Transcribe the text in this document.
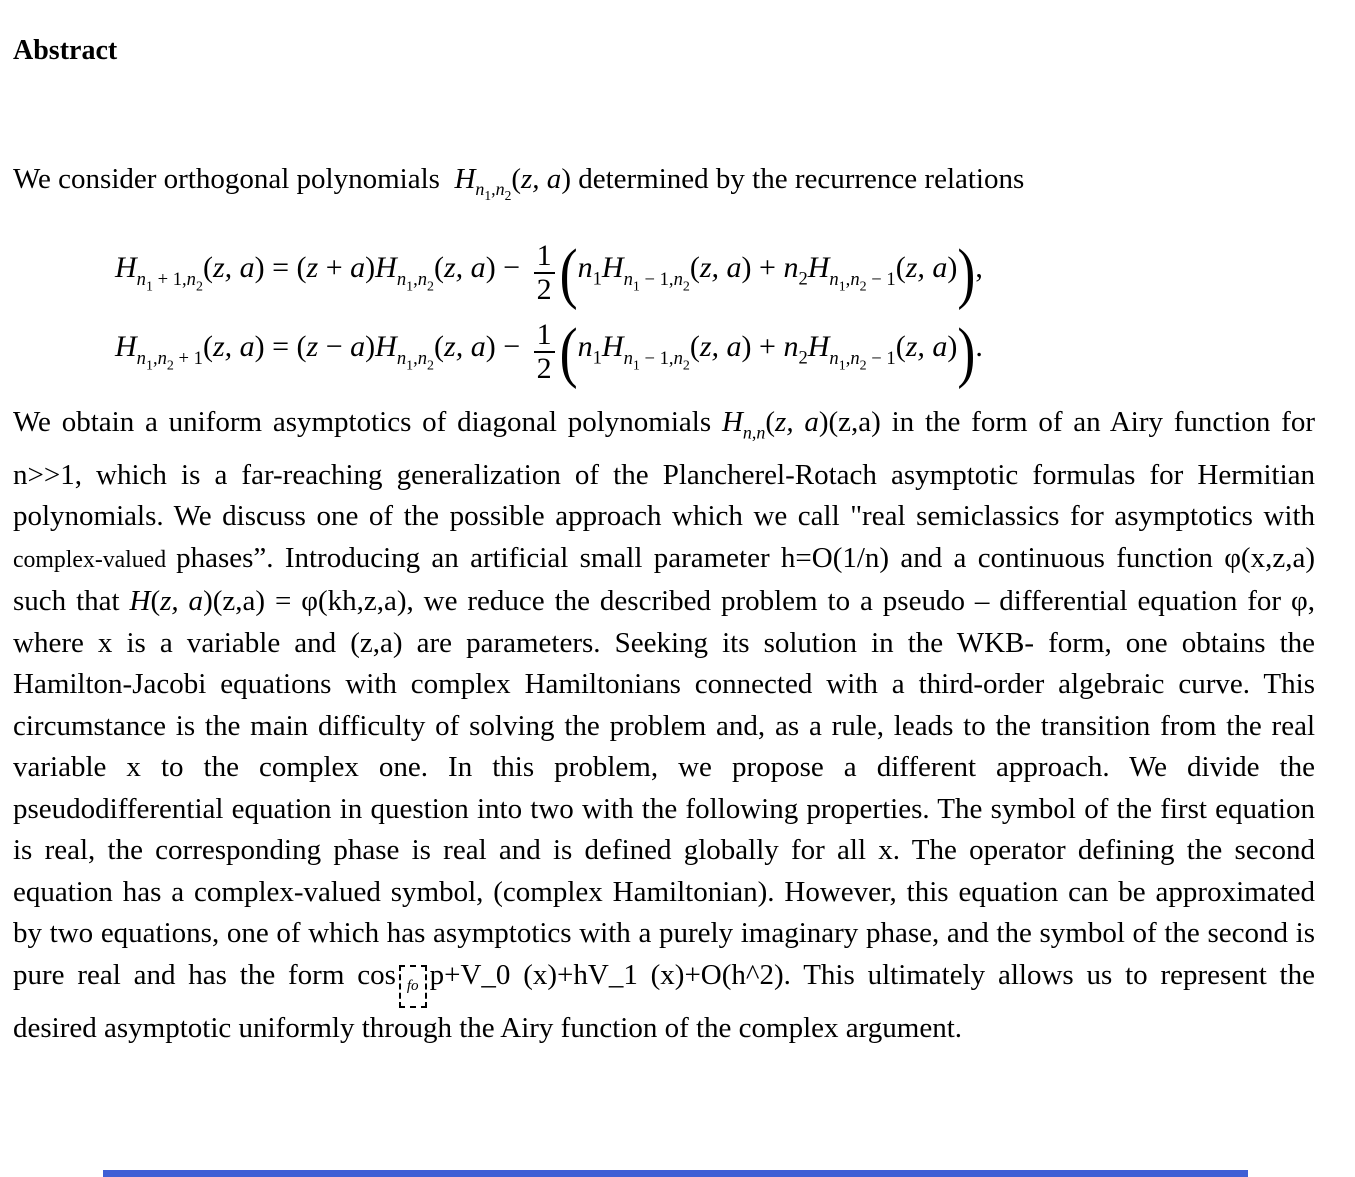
Abstract

We consider orthogonal polynomials  $H_{n_1,n_2}(z$, a) determined by the recurrence relations

$H_{n_1 + 1,n_2}(z$, $a) = (z + a)H_{n_1,n_2}(z$, $a) - \frac{1}{2} (n_1H_{n_1 - 1,n_2}(z$, $a) + n_2H_{n_1,n_2 - 1}(z$, a)),
$H_{n_1,n_2 + 1}(z$, $a) = (z - a)H_{n_1,n_2}(z$, $a) - \frac{1}{2} (n_1H_{n_1 - 1,n_2}(z$, $a) + n_2H_{n_1,n_2 - 1}(z$, a)).

We obtain a uniform asymptotics of diagonal polynomials $H_{n,n}(z$, a)(z,a) in the form of an Airy function for n>>1, which is a far-reaching generalization of the Plancherel-Rotach asymptotic formulas for Hermitian polynomials. We discuss one of the possible approach which we call "real semiclassics for asymptotics with complex-valued phases”. Introducing an artificial small parameter h=O(1/n) and a continuous function φ(x,z,a) such that H(z, a)(z,a) = φ(kh,z,a), we reduce the described problem to a pseudo – differential equation for φ, where x is a variable and (z,a) are parameters. Seeking its solution in the WKB- form, one obtains the Hamilton-Jacobi equations with complex Hamiltonians connected with a third-order algebraic curve. This circumstance is the main difficulty of solving the problem and, as a rule, leads to the transition from the real variable x to the complex one. In this problem, we propose a different approach. We divide the pseudodifferential equation in question into two with the following properties. The symbol of the first equation is real, the corresponding phase is real and is defined globally for all x. The operator defining the second equation has a complex-valued symbol, (complex Hamiltonian). However, this equation can be approximated by two equations, one of which has asymptotics with a purely imaginary phase, and the symbol of the second is pure real and has the form cos fo p+V_0 (x)+hV_1 (x)+O(h^2). This ultimately allows us to represent the desired asymptotic uniformly through the Airy function of the complex argument.
